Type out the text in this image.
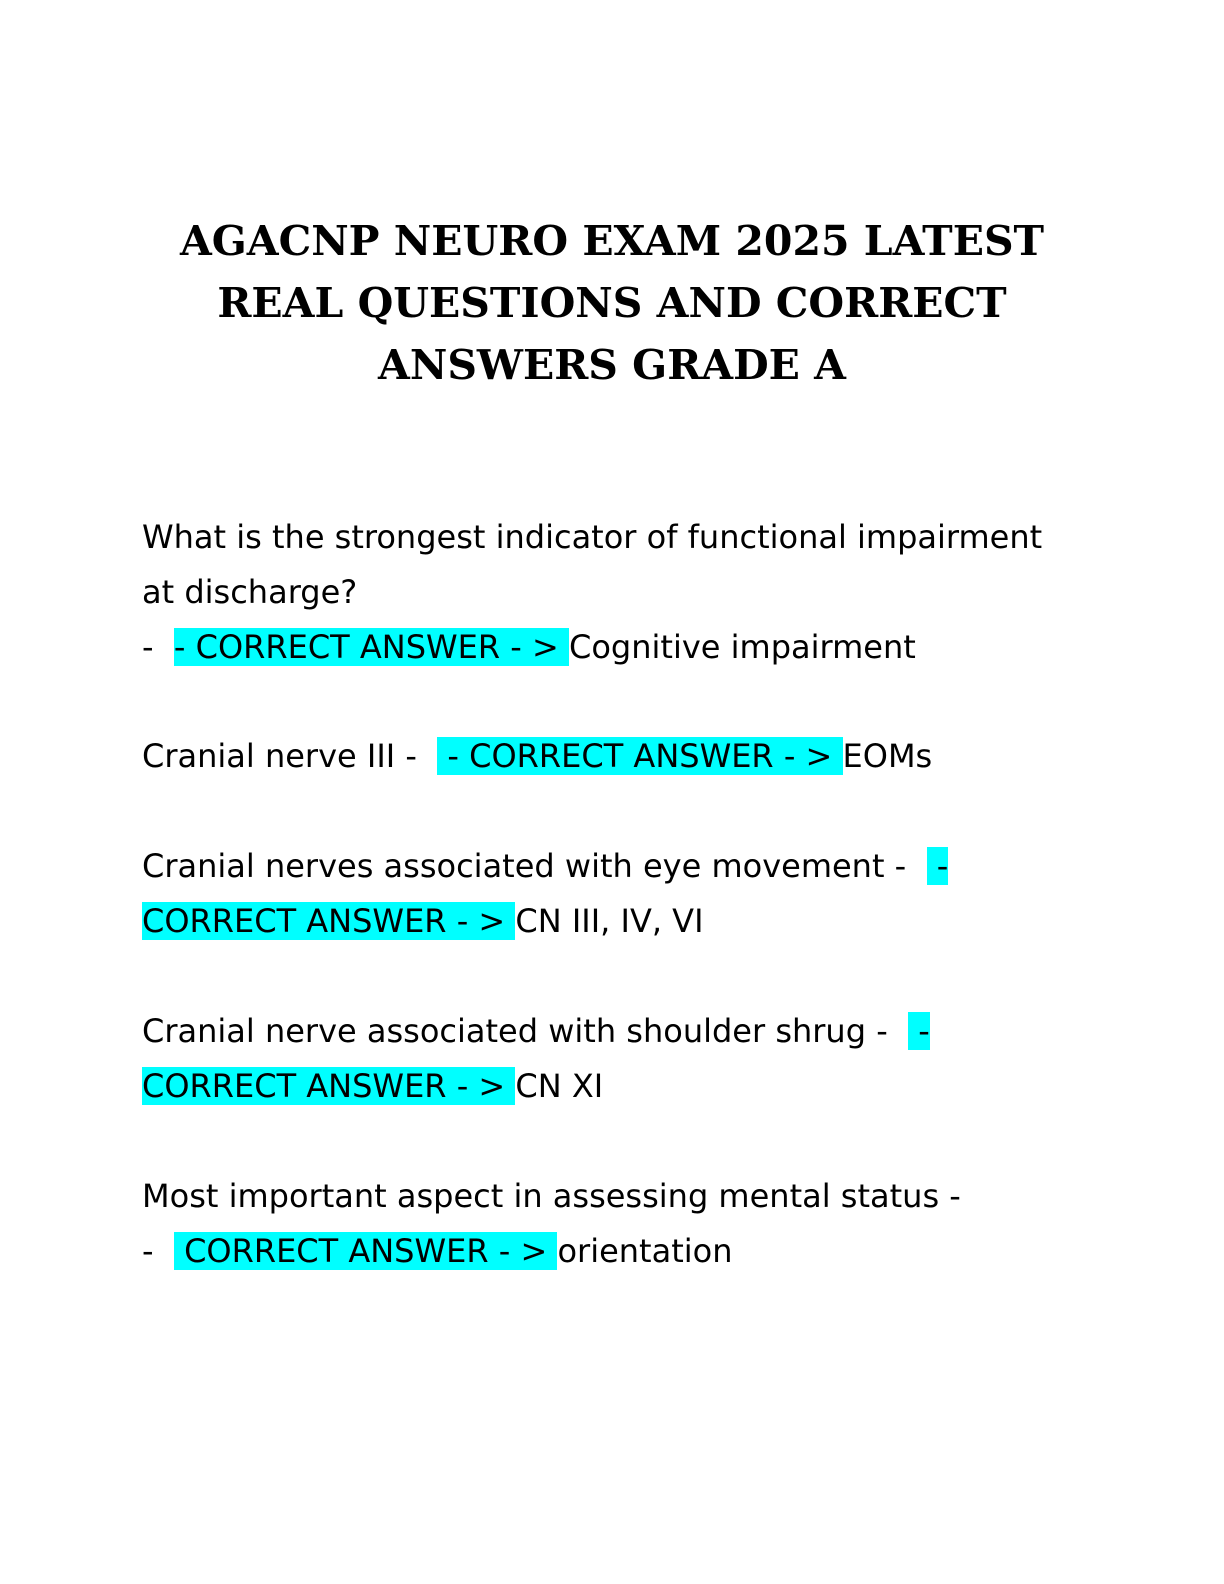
AGACNP NEURO EXAM 2025 LATEST
REAL QUESTIONS AND CORRECT
ANSWERS GRADE A
What is the strongest indicator of functional impairment
at discharge?
-  - CORRECT ANSWER - > Cognitive impairment
Cranial nerve III -   - CORRECT ANSWER - > EOMs
Cranial nerves associated with eye movement -   -
CORRECT ANSWER - > CN III, IV, VI
Cranial nerve associated with shoulder shrug -   -
CORRECT ANSWER - > CN XI
Most important aspect in assessing mental status -
-   CORRECT ANSWER - > orientation
